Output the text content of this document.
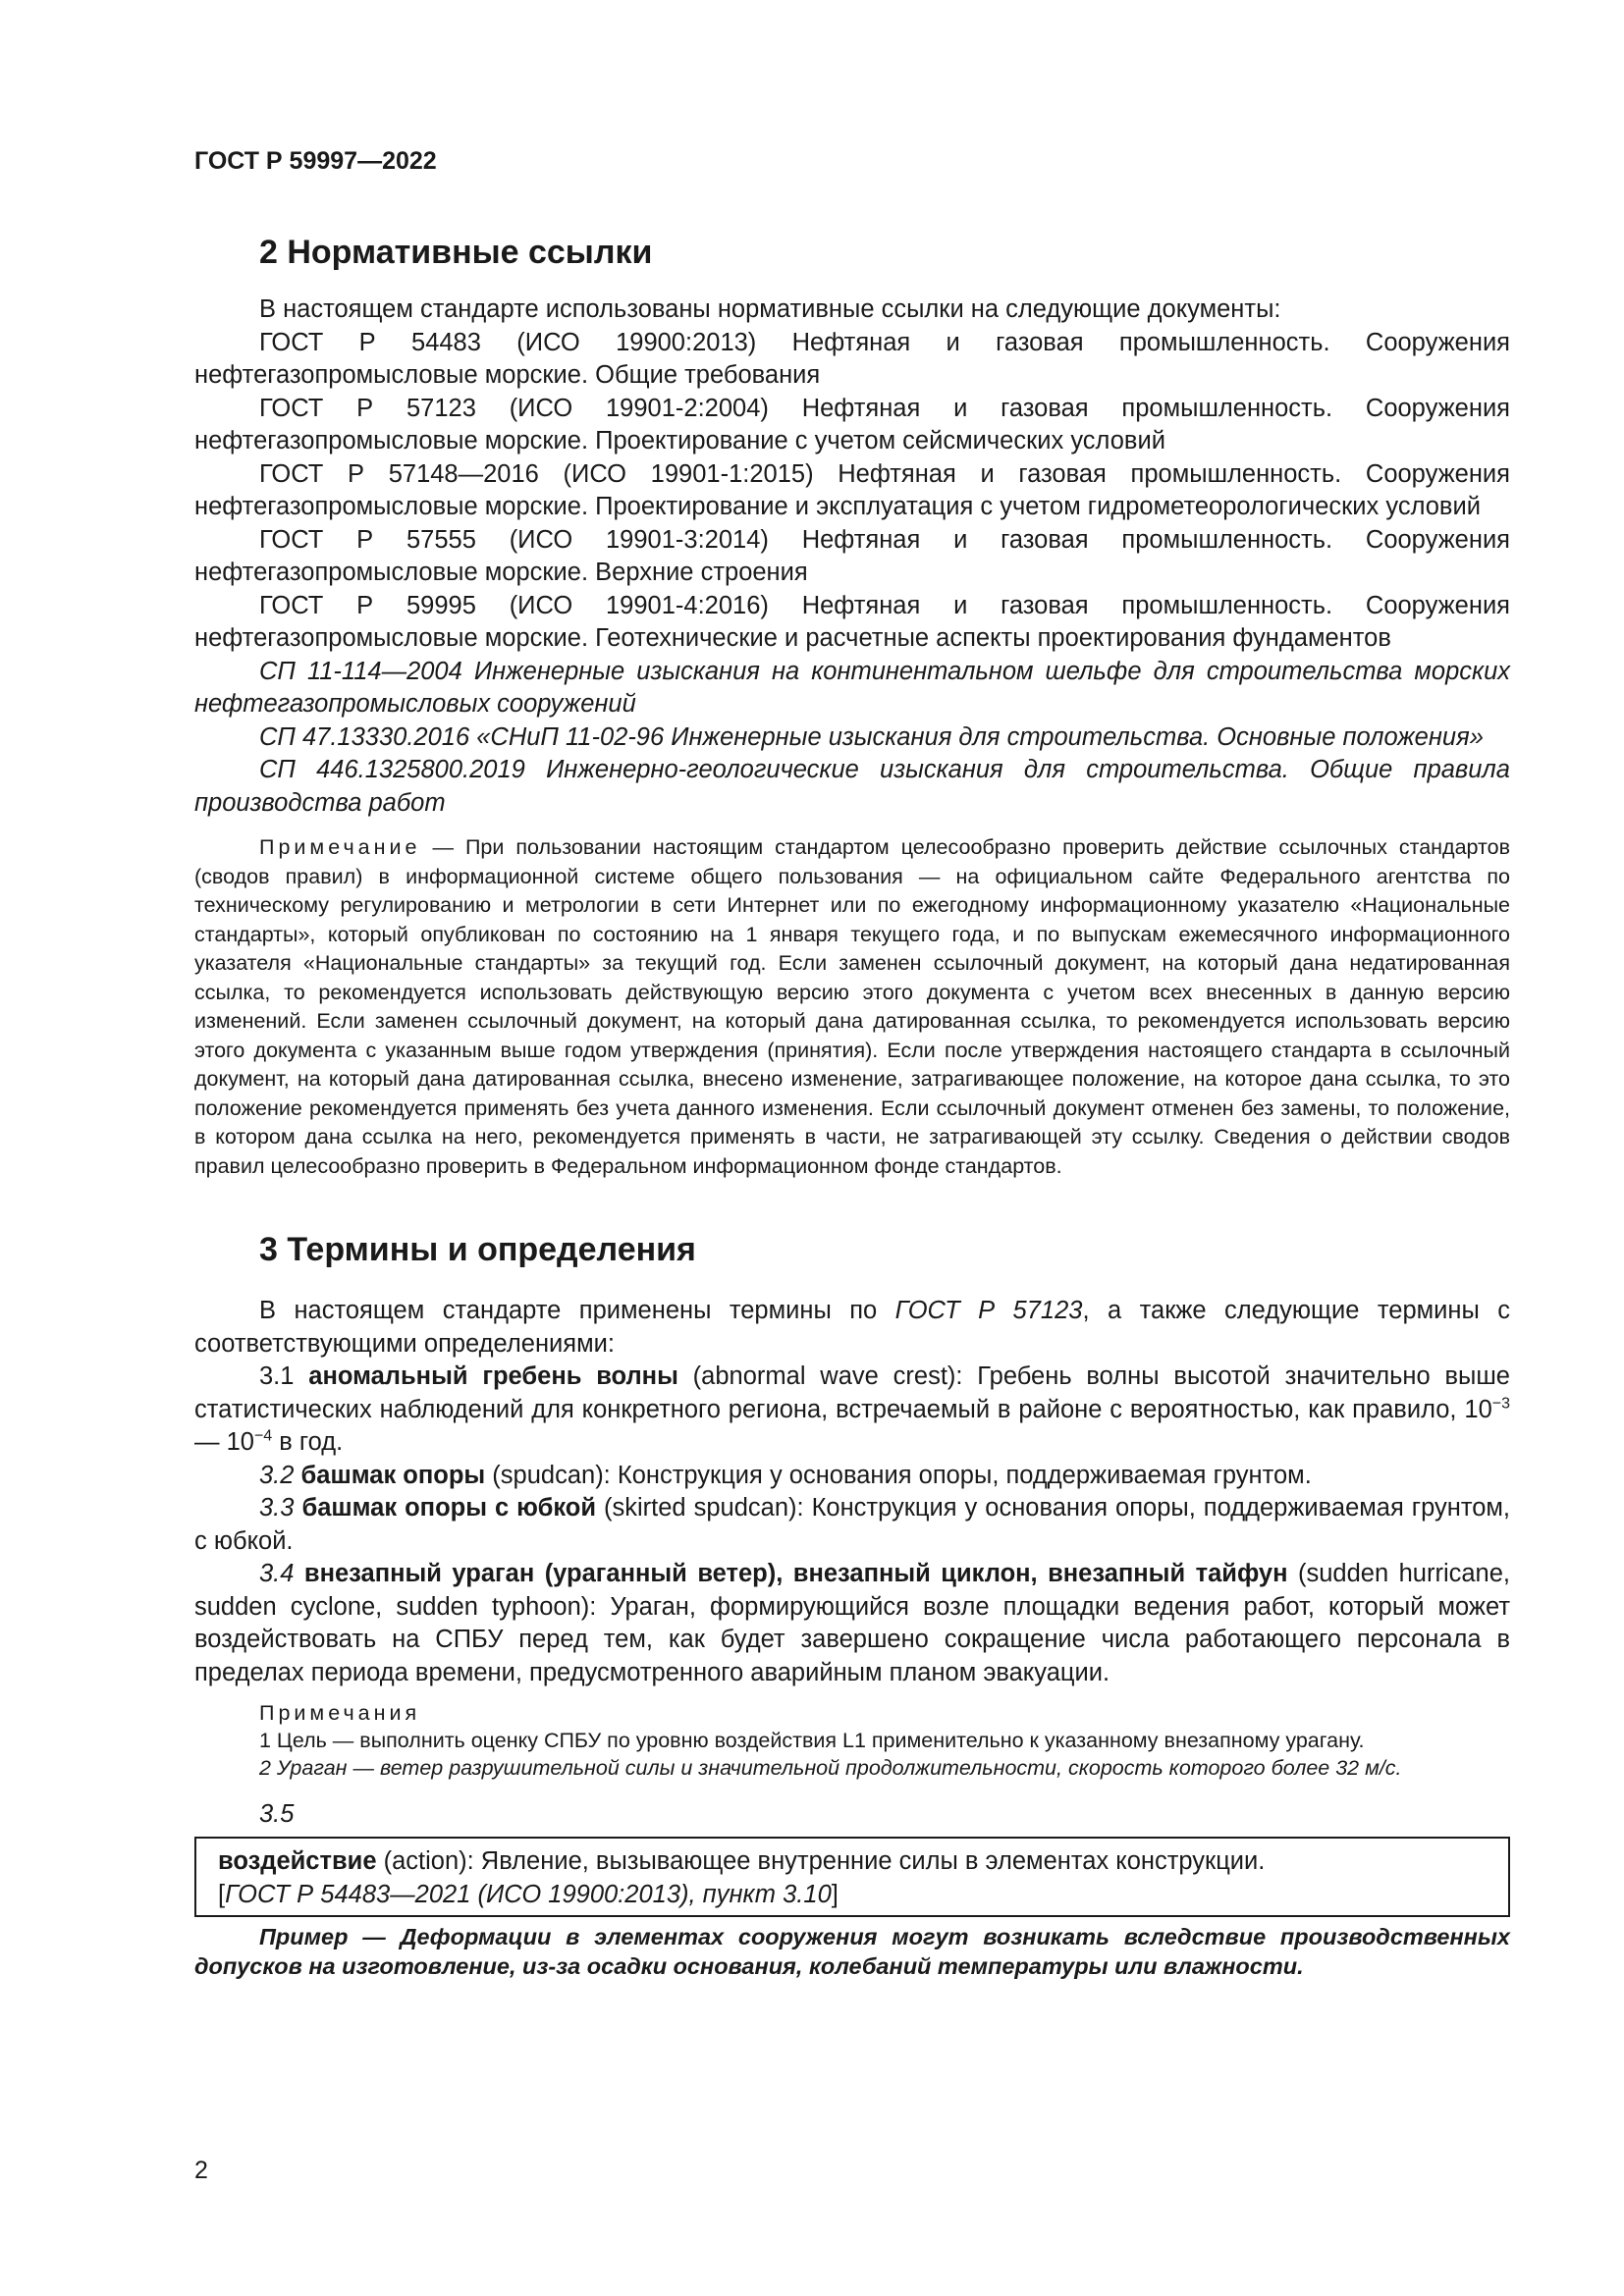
ГОСТ Р 59997—2022
2 Нормативные ссылки

В настоящем стандарте использованы нормативные ссылки на следующие документы:

ГОСТ Р 54483 (ИСО 19900:2013) Нефтяная и газовая промышленность. Сооружения нефтегазопромысловые морские. Общие требования

ГОСТ Р 57123 (ИСО 19901-2:2004) Нефтяная и газовая промышленность. Сооружения нефтегазопромысловые морские. Проектирование с учетом сейсмических условий

ГОСТ Р 57148—2016 (ИСО 19901-1:2015) Нефтяная и газовая промышленность. Сооружения нефтегазопромысловые морские. Проектирование и эксплуатация с учетом гидрометеорологических условий

ГОСТ Р 57555 (ИСО 19901-3:2014) Нефтяная и газовая промышленность. Сооружения нефтегазопромысловые морские. Верхние строения

ГОСТ Р 59995 (ИСО 19901-4:2016) Нефтяная и газовая промышленность. Сооружения нефтегазопромысловые морские. Геотехнические и расчетные аспекты проектирования фундаментов

СП 11-114—2004 Инженерные изыскания на континентальном шельфе для строительства морских нефтегазопромысловых сооружений

СП 47.13330.2016 «СНиП 11-02-96 Инженерные изыскания для строительства. Основные положения»

СП 446.1325800.2019 Инженерно-геологические изыскания для строительства. Общие правила производства работ

Примечание — При пользовании настоящим стандартом целесообразно проверить действие ссылочных стандартов (сводов правил) в информационной системе общего пользования — на официальном сайте Федерального агентства по техническому регулированию и метрологии в сети Интернет или по ежегодному информационному указателю «Национальные стандарты», который опубликован по состоянию на 1 января текущего года, и по выпускам ежемесячного информационного указателя «Национальные стандарты» за текущий год. Если заменен ссылочный документ, на который дана недатированная ссылка, то рекомендуется использовать действующую версию этого документа с учетом всех внесенных в данную версию изменений. Если заменен ссылочный документ, на который дана датированная ссылка, то рекомендуется использовать версию этого документа с указанным выше годом утверждения (принятия). Если после утверждения настоящего стандарта в ссылочный документ, на который дана датированная ссылка, внесено изменение, затрагивающее положение, на которое дана ссылка, то это положение рекомендуется применять без учета данного изменения. Если ссылочный документ отменен без замены, то положение, в котором дана ссылка на него, рекомендуется применять в части, не затрагивающей эту ссылку. Сведения о действии сводов правил целесообразно проверить в Федеральном информационном фонде стандартов.

3 Термины и определения

В настоящем стандарте применены термины по ГОСТ Р 57123, а также следующие термины с соответствующими определениями:

3.1 аномальный гребень волны (abnormal wave crest): Гребень волны высотой значительно выше статистических наблюдений для конкретного региона, встречаемый в районе с вероятностью, как правило, $10^{-3}$ — $10^{-4}$ в год.

3.2 башмак опоры (spudcan): Конструкция у основания опоры, поддерживаемая грунтом.

3.3 башмак опоры с юбкой (skirted spudcan): Конструкция у основания опоры, поддерживаемая грунтом, с юбкой.

3.4 внезапный ураган (ураганный ветер), внезапный циклон, внезапный тайфун (sudden hurricane, sudden cyclone, sudden typhoon): Ураган, формирующийся возле площадки ведения работ, который может воздействовать на СПБУ перед тем, как будет завершено сокращение числа работающего персонала в пределах периода времени, предусмотренного аварийным планом эвакуации.

Примечания

1 Цель — выполнить оценку СПБУ по уровню воздействия L1 применительно к указанному внезапному урагану.

2 Ураган — ветер разрушительной силы и значительной продолжительности, скорость которого более 32 м/с.

3.5

воздействие (action): Явление, вызывающее внутренние силы в элементах конструкции.

[ГОСТ Р 54483—2021 (ИСО 19900:2013), пункт 3.10]

Пример — Деформации в элементах сооружения могут возникать вследствие производственных допусков на изготовление, из-за осадки основания, колебаний температуры или влажности.

2
